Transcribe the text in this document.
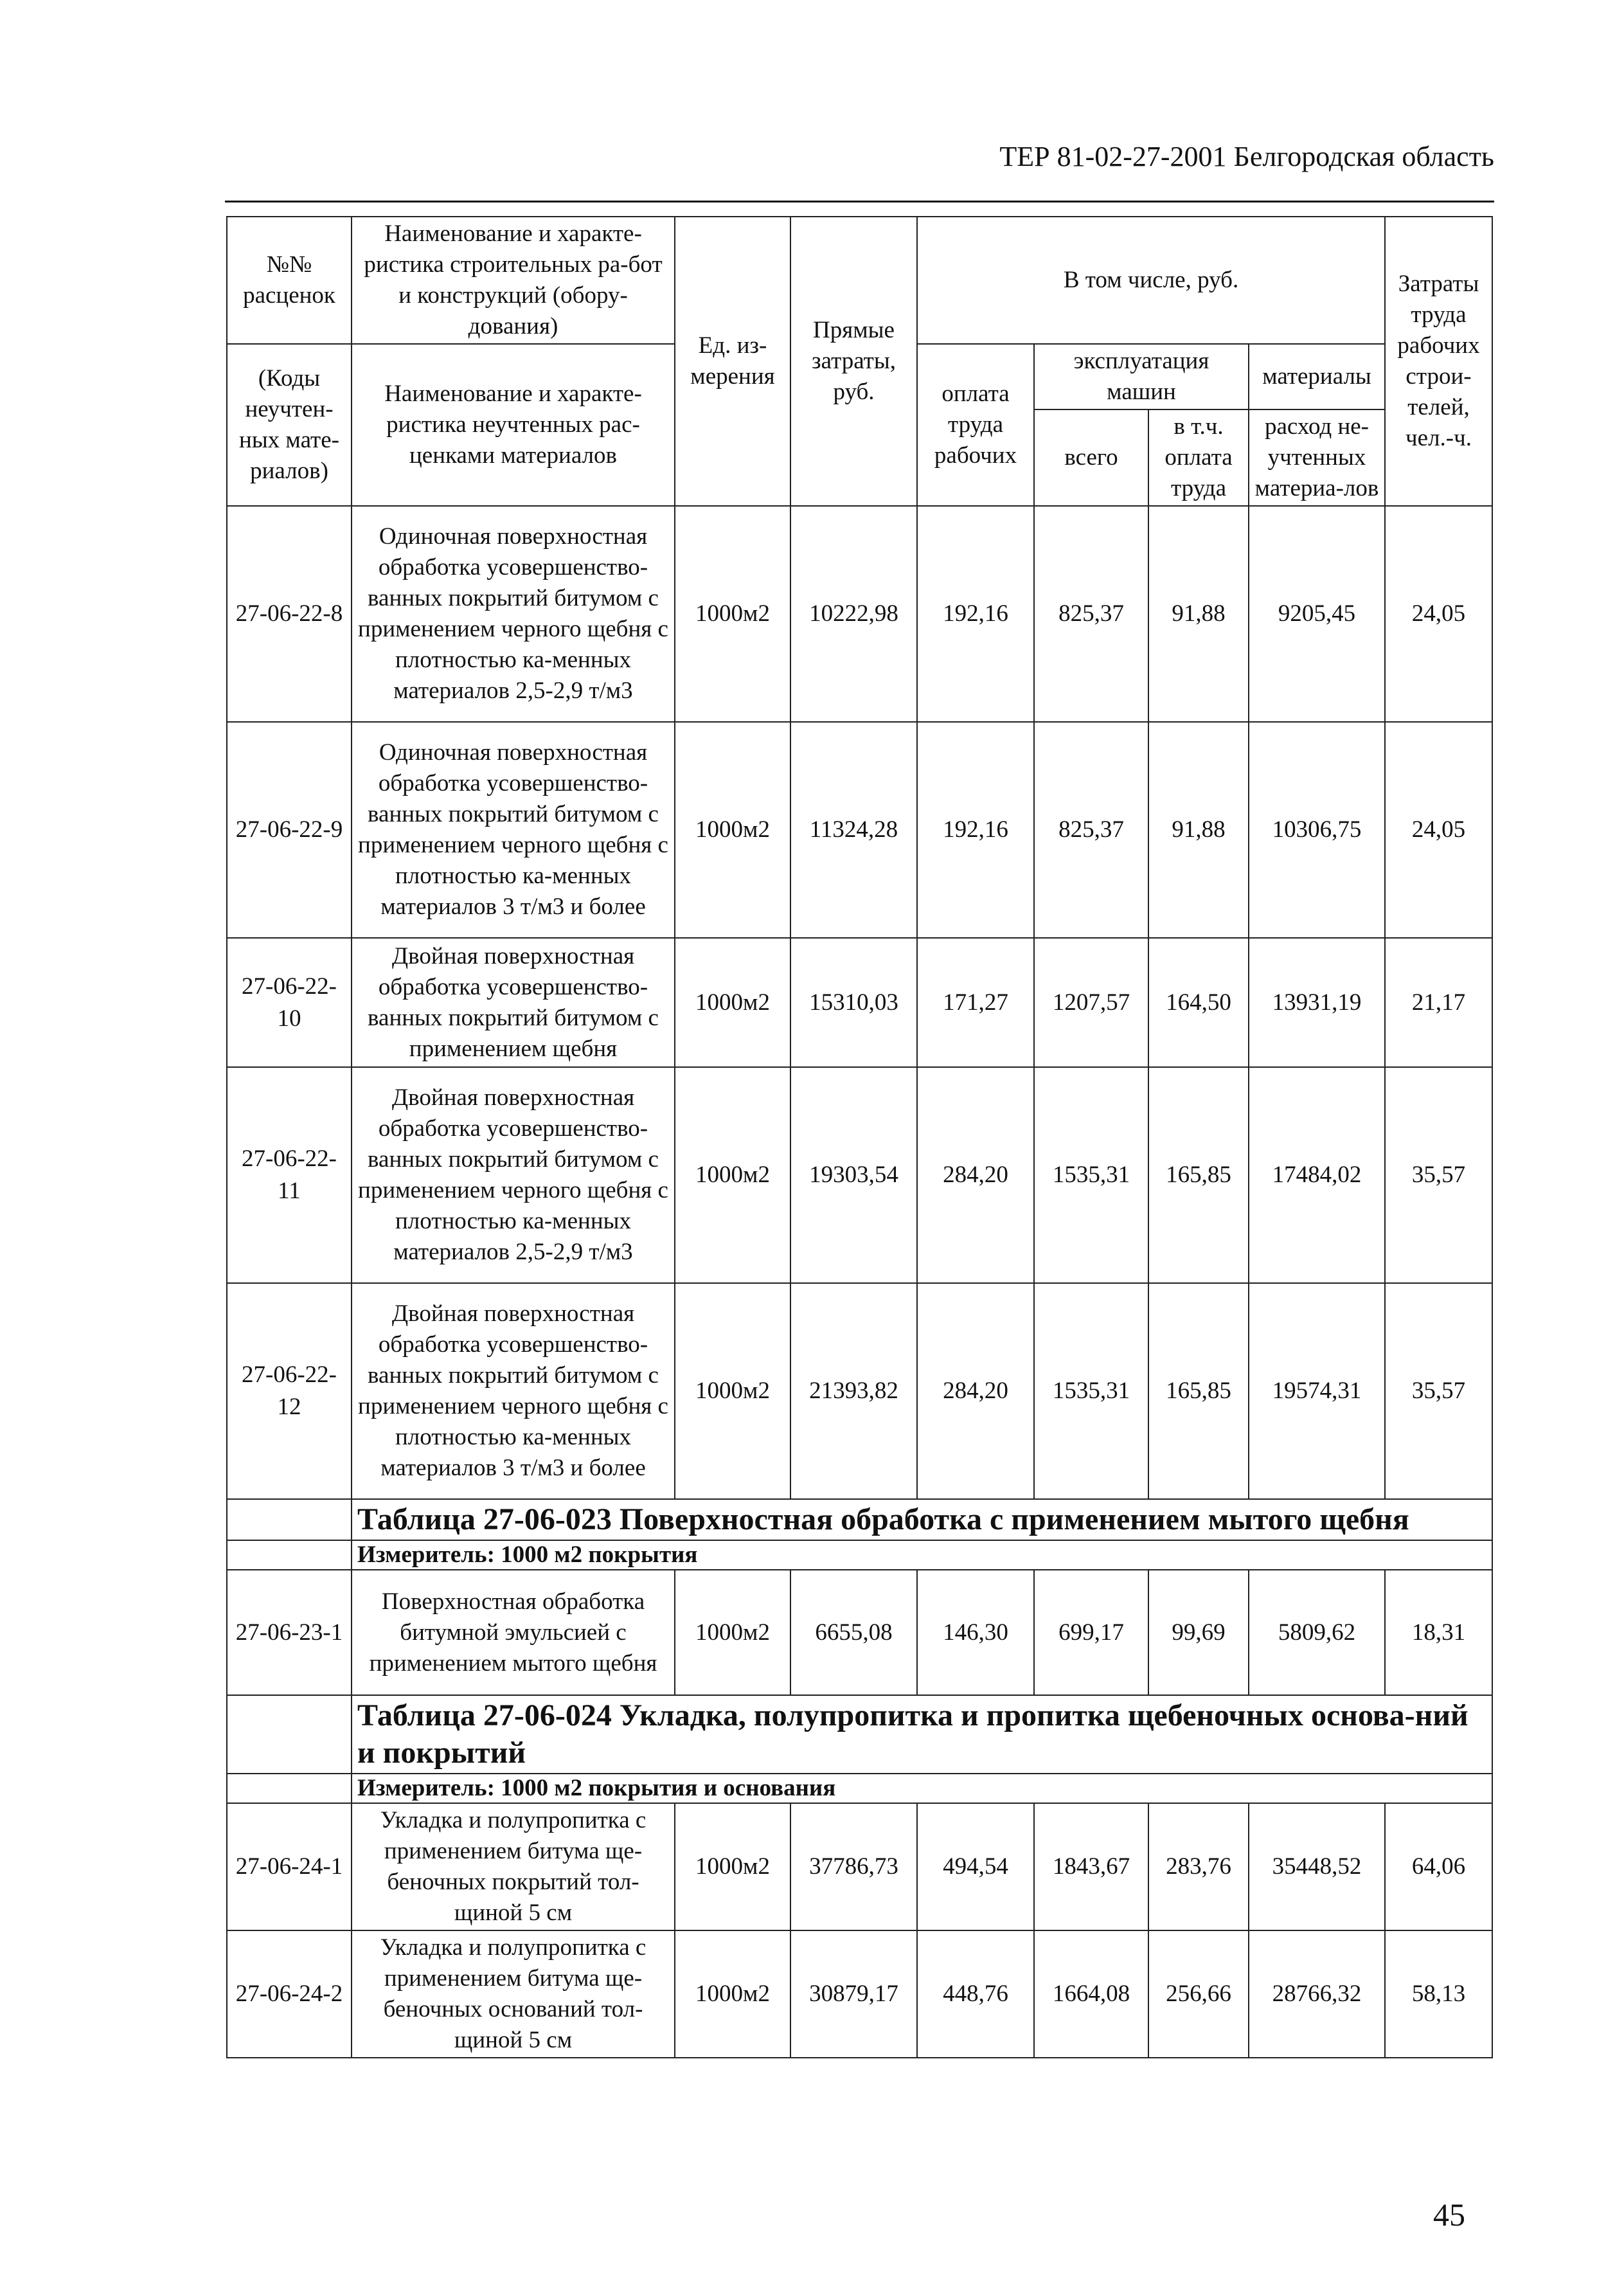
ТЕР 81-02-27-2001 Белгородская область
№№ расценок	Наименование и характе-ристика строительных ра-бот и конструкций (обору-дования)	Ед. из-мерения	Прямые затраты, руб.	В том числе, руб.				Затраты труда рабочих строи-телей, чел.-ч.
(Коды неучтен-ных мате-риалов)	Наименование и характе-ристика неучтенных рас-ценками материалов			оплата труда рабочих	эксплуатация машин		материалы	
					всего	в т.ч. оплата труда	расход не-учтенных материа-лов	

27-06-22-8	Одиночная поверхностная обработка усовершенство-ванных покрытий битумом с применением черного щебня с плотностью ка-менных материалов 2,5-2,9 т/м3	1000м2	10222,98	192,16	825,37	91,88	9205,45	24,05
27-06-22-9	Одиночная поверхностная обработка усовершенство-ванных покрытий битумом с применением черного щебня с плотностью ка-менных материалов 3 т/м3 и более	1000м2	11324,28	192,16	825,37	91,88	10306,75	24,05
27-06-22-10	Двойная поверхностная обработка усовершенство-ванных покрытий битумом с применением щебня	1000м2	15310,03	171,27	1207,57	164,50	13931,19	21,17
27-06-22-11	Двойная поверхностная обработка усовершенство-ванных покрытий битумом с применением черного щебня с плотностью ка-менных материалов 2,5-2,9 т/м3	1000м2	19303,54	284,20	1535,31	165,85	17484,02	35,57
27-06-22-12	Двойная поверхностная обработка усовершенство-ванных покрытий битумом с применением черного щебня с плотностью ка-менных материалов 3 т/м3 и более	1000м2	21393,82	284,20	1535,31	165,85	19574,31	35,57
	Таблица 27-06-023 Поверхностная обработка с применением мытого щебня							
	Измеритель: 1000 м2 покрытия							
27-06-23-1	Поверхностная обработка битумной эмульсией с применением мытого щебня	1000м2	6655,08	146,30	699,17	99,69	5809,62	18,31
	Таблица 27-06-024 Укладка, полупропитка и пропитка щебеночных основа-ний и покрытий							
	Измеритель: 1000 м2 покрытия и основания							
27-06-24-1	Укладка и полупропитка с применением битума ще-беночных покрытий тол-щиной 5 см	1000м2	37786,73	494,54	1843,67	283,76	35448,52	64,06
27-06-24-2	Укладка и полупропитка с применением битума ще-беночных оснований тол-щиной 5 см	1000м2	30879,17	448,76	1664,08	256,66	28766,32	58,13
45
